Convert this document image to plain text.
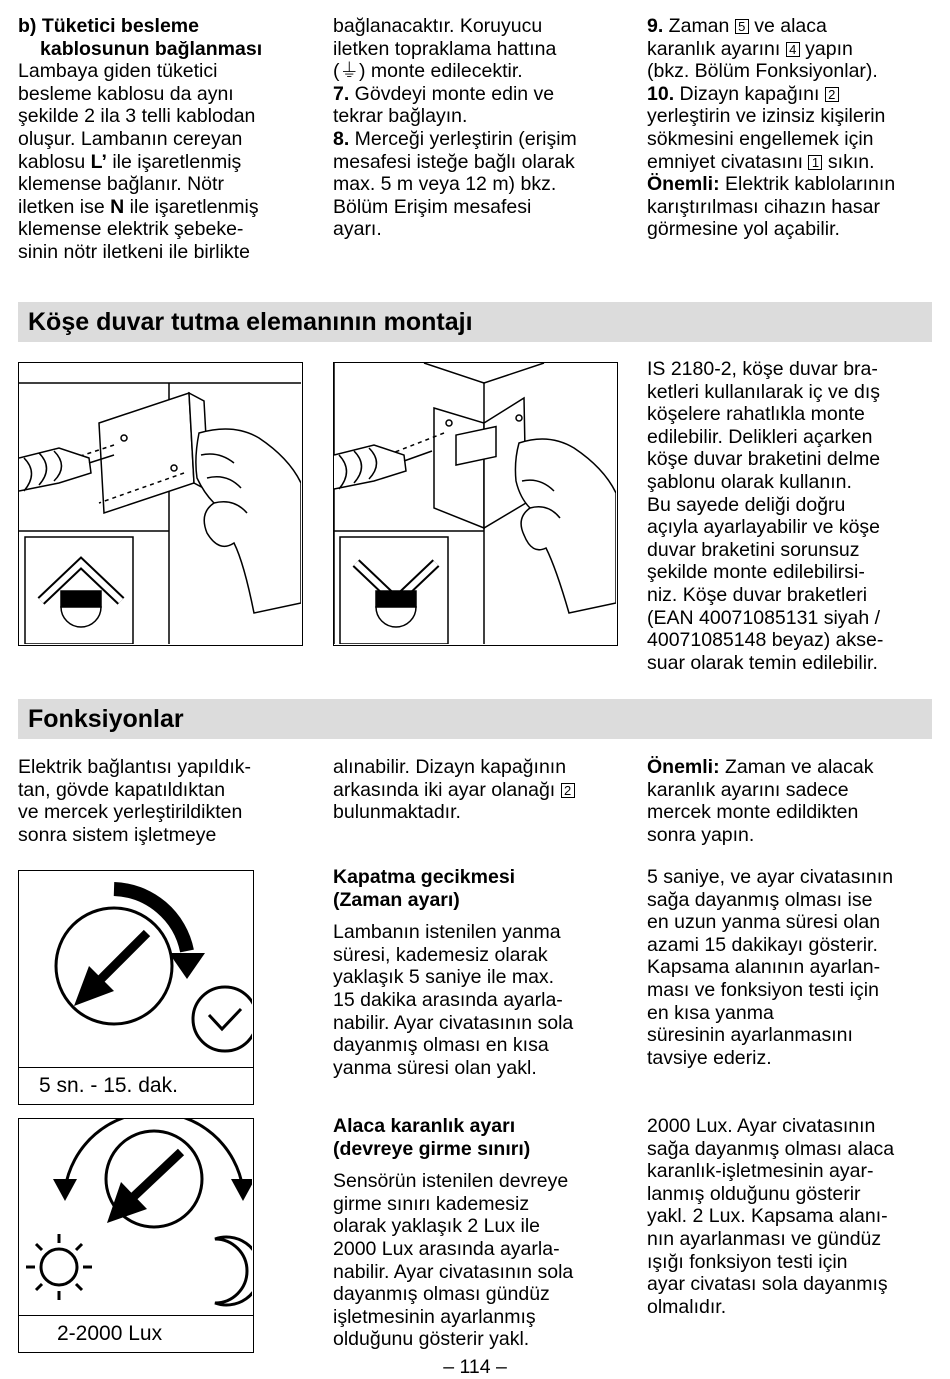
b) Tüketici besleme

kablosunun bağlanması

Lambaya giden tüketici
besleme kablosu da aynı
şekilde 2 ila 3 telli kablodan
oluşur. Lambanın cereyan
kablosu L’ ile işaretlenmiş
klemense bağlanır. Nötr
iletken ise N ile işaretlenmiş
klemense elektrik şebeke-
sinin nötr iletkeni ile birlikte

bağlanacaktır. Koruyucu
iletken topraklama hattına
(⏚) monte edilecektir.
7. Gövdeyi monte edin ve
tekrar bağlayın.
8. Merceği yerleştirin (erişim
mesafesi isteğe bağlı olarak
max. 5 m veya 12 m) bkz.
Bölüm Erişim mesafesi
ayarı.

9. Zaman 5 ve alaca
karanlık ayarını 4 yapın
(bkz. Bölüm Fonksiyonlar).
10. Dizayn kapağını 2
yerleştirin ve izinsiz kişilerin
sökmesini engellemek için
emniyet civatasını 1 sıkın.
Önemli: Elektrik kablolarının
karıştırılması cihazın hasar
görmesine yol açabilir.

Köşe duvar tutma elemanının montajı

IS 2180-2, köşe duvar bra-
ketleri kullanılarak iç ve dış
köşelere rahatlıkla monte
edilebilir. Delikleri açarken
köşe duvar braketini delme
şablonu olarak kullanın.
Bu sayede deliği doğru
açıyla ayarlayabilir ve köşe
duvar braketini sorunsuz
şekilde monte edilebilirsi-
niz. Köşe duvar braketleri
(EAN 40071085131 siyah /
40071085148 beyaz) akse-
suar olarak temin edilebilir.

Fonksiyonlar

Elektrik bağlantısı yapıldık-
tan, gövde kapatıldıktan
ve mercek yerleştirildikten
sonra sistem işletmeye

alınabilir. Dizayn kapağının
arkasında iki ayar olanağı 2
bulunmaktadır.

Önemli: Zaman ve alacak
karanlık ayarını sadece
mercek monte edildikten
sonra yapın.

5 sn. - 15. dak.
2-2000 Lux

Kapatma gecikmesi
(Zaman ayarı)

Lambanın istenilen yanma
süresi, kademesiz olarak
yaklaşık 5 saniye ile max.
15 dakika arasında ayarla-
nabilir. Ayar civatasının sola
dayanmış olması en kısa
yanma süresi olan yakl.

5 saniye, ve ayar civatasının
sağa dayanmış olması ise
en uzun yanma süresi olan
azami 15 dakikayı gösterir.
Kapsama alanının ayarlan-
ması ve fonksiyon testi için
en kısa yanma
süresinin ayarlanmasını
tavsiye ederiz.

Alaca karanlık ayarı
(devreye girme sınırı)

Sensörün istenilen devreye
girme sınırı kademesiz
olarak yaklaşık 2 Lux ile
2000 Lux arasında ayarla-
nabilir. Ayar civatasının sola
dayanmış olması gündüz
işletmesinin ayarlanmış
olduğunu gösterir yakl.

2000 Lux. Ayar civatasının
sağa dayanmış olması alaca
karanlık-işletmesinin ayar-
lanmış olduğunu gösterir
yakl. 2 Lux. Kapsama alanı-
nın ayarlanması ve gündüz
ışığı fonksiyon testi için
ayar civatası sola dayanmış
olmalıdır.

– 114 –
